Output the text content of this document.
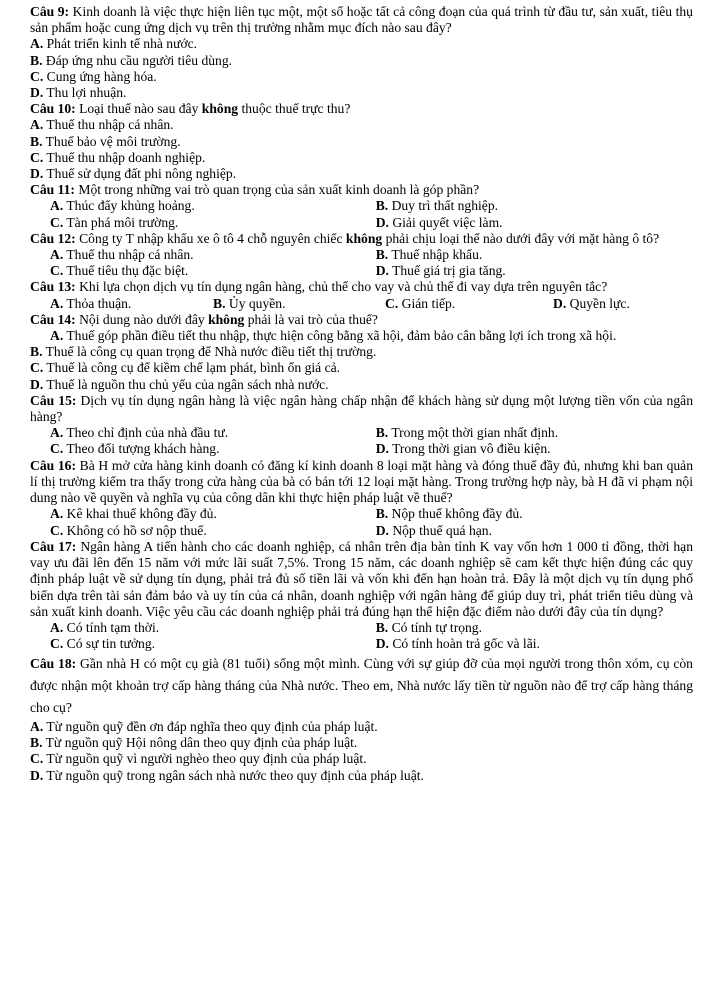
Câu 9: Kinh doanh là việc thực hiện liên tục một, một số hoặc tất cả công đoạn của quá trình từ đầu tư, sản xuất, tiêu thụ sản phẩm hoặc cung ứng dịch vụ trên thị trường nhằm mục đích nào sau đây?
A. Phát triển kinh tế nhà nước.
B. Đáp ứng nhu cầu người tiêu dùng.
C. Cung ứng hàng hóa.
D. Thu lợi nhuận.
Câu 10: Loại thuế nào sau đây không thuộc thuế trực thu?
A. Thuế thu nhập cá nhân.
B. Thuế bảo vệ môi trường.
C. Thuế thu nhập doanh nghiệp.
D. Thuế sử dụng đất phi nông nghiệp.
Câu 11: Một trong những vai trò quan trọng của sản xuất kinh doanh là góp phần?
A. Thúc đẩy khủng hoảng.	B. Duy trì thất nghiệp.
C. Tàn phá môi trường.	D. Giải quyết việc làm.
Câu 12: Công ty T nhập khẩu xe ô tô 4 chỗ nguyên chiếc không phải chịu loại thể nào dưới đây với mặt hàng ô tô?
A. Thuế thu nhập cá nhân.	B. Thuế nhập khẩu.
C. Thuế tiêu thụ đặc biệt.	D. Thuế giá trị gia tăng.
Câu 13: Khi lựa chọn dịch vụ tín dụng ngân hàng, chủ thể cho vay và chủ thể đi vay dựa trên nguyên tắc?
A. Thỏa thuận.	B. Ủy quyền.	C. Gián tiếp.	D. Quyền lực.
Câu 14: Nội dung nào dưới đây không phải là vai trò của thuế?
A. Thuế góp phần điều tiết thu nhập, thực hiện công bằng xã hội, đảm bảo cân bằng lợi ích trong xã hội.
B. Thuế là công cụ quan trọng để Nhà nước điều tiết thị trường.
C. Thuế là công cụ để kiềm chế lạm phát, bình ổn giá cả.
D. Thuế là nguồn thu chủ yếu của ngân sách nhà nước.
Câu 15: Dịch vụ tín dụng ngân hàng là việc ngân hàng chấp nhận để khách hàng sử dụng một lượng tiền vốn của ngân hàng?
A. Theo chỉ định của nhà đầu tư.	B. Trong một thời gian nhất định.
C. Theo đối tượng khách hàng.	D. Trong thời gian vô điều kiện.
Câu 16: Bà H mở cửa hàng kinh doanh có đăng kí kinh doanh 8 loại mặt hàng và đóng thuế đầy đủ, nhưng khi ban quản lí thị trường kiểm tra thấy trong cửa hàng của bà có bán tới 12 loại mặt hàng. Trong trường hợp này, bà H đã vi phạm nội dung nào về quyền và nghĩa vụ của công dân khi thực hiện pháp luật về thuế?
A. Kê khai thuế không đầy đủ.	B. Nộp thuế không đầy đủ.
C. Không có hồ sơ nộp thuế.	D. Nộp thuế quá hạn.
Câu 17: Ngân hàng A tiến hành cho các doanh nghiệp, cá nhân trên địa bàn tỉnh K vay vốn hơn 1 000 tỉ đồng, thời hạn vay ưu đãi lên đến 15 năm với mức lãi suất 7,5%. Trong 15 năm, các doanh nghiệp sẽ cam kết thực hiện đúng các quy định pháp luật về sử dụng tín dụng, phải trả đủ số tiền lãi và vốn khi đến hạn hoàn trả. Đây là một dịch vụ tín dụng phổ biến dựa trên tài sản đảm bảo và uy tín của cá nhân, doanh nghiệp với ngân hàng để giúp duy trì, phát triển tiêu dùng và sản xuất kinh doanh. Việc yêu cầu các doanh nghiệp phải trả đúng hạn thể hiện đặc điểm nào dưới đây của tín dụng?
A. Có tính tạm thời.	B. Có tính tự trọng.
C. Có sự tin tưởng.	D. Có tính hoàn trả gốc và lãi.
Câu 18: Gần nhà H có một cụ già (81 tuổi) sống một mình. Cùng với sự giúp đỡ của mọi người trong thôn xóm, cụ còn được nhận một khoản trợ cấp hàng tháng của Nhà nước. Theo em, Nhà nước lấy tiền từ nguồn nào để trợ cấp hàng tháng cho cụ?
A. Từ nguồn quỹ đền ơn đáp nghĩa theo quy định của pháp luật.
B. Từ nguồn quỹ Hội nông dân theo quy định của pháp luật.
C. Từ nguồn quỹ vì người nghèo theo quy định của pháp luật.
D. Từ nguồn quỹ trong ngân sách nhà nước theo quy định của pháp luật.
